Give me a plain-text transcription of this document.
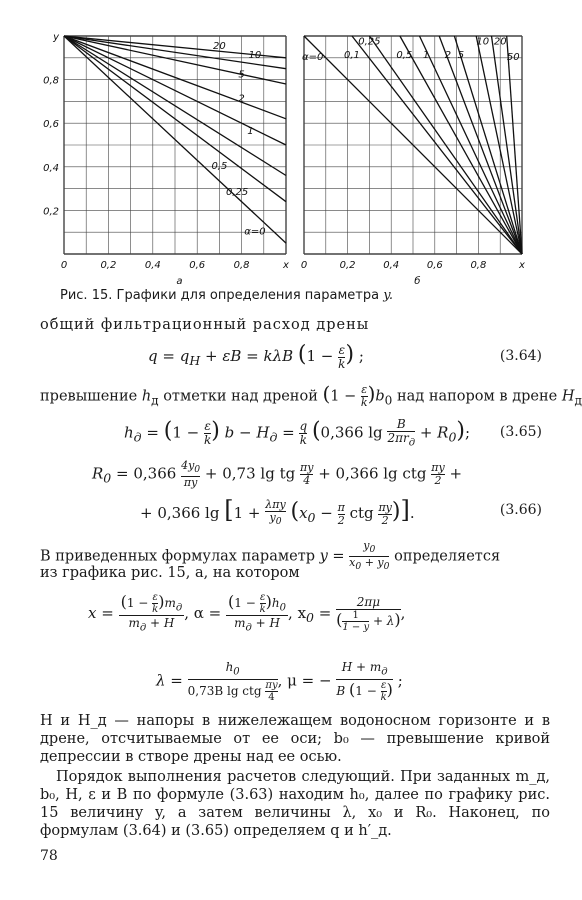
20
10
5
2
1
0,5
0,25
α=0
0	0,2	0,4	0,6	0,8	x
y
0,8
0,6
0,4
0,2
а
α=0 0,1
0,25
0,5 1 2 5
10 20
50
0	0,2	0,4	0,6	0,8	x
б
Рис. 15. Графики для определения параметра y.
общий фильтрационный расход дрены
$q = q_H + \varepsilon B = k\lambda B$ ($1 - \frac{\varepsilon}{k}$ ) ;	(3.64)
превышение $h_д$ отметки над дреной $(1 - \frac{\varepsilon}{k} )b_0$ над напором в дрене $H_д$
$h_д = (1 - \frac{\varepsilon}{k}$ ) $b - H_д = \frac{q}{k} (0,366$ lg	B
$2\pi r_д$
+ $R_0$); (3.65)
$R_0 = 0,366 \frac{4y_0}{\pi y} + 0,73$ lg tg $\frac{\pi y}{4} + 0,366$ lg ctg $\frac{\pi y}{2}$ +
+ 0,366 lg [1 + λπy
$y_0$ ($x_0 - \frac{\pi}{2}$ ctg $\frac{\pi y}{2}$ )].	(3.66)
В приведенных формулах параметр $y = \frac{y_0}{x_0 + y_0}$ определяется
из графика рис. 15, а, на котором
x =
$(1 - \frac{\varepsilon}{k} )m_д$
$m_д + H$
, α =
$(1 - \frac{\varepsilon}{k} )h_0$
$m_д + H$
, $x_0 = \frac{2\pi\mu}{( \frac{1}{1 - y} + \lambda)}$ ,
λ =
$h_0$
0,73B lg ctg $\frac{\pi y}{4}$ , μ = −
$H + m_д$
B ($1 - \frac{\varepsilon}{k}$ ) ;
H и H_д — напоры в нижележащем водоносном горизонте и в дрене, отсчитываемые от ее оси; b₀ — превышение кривой депрессии в створе дрены над ее осью.
Порядок выполнения расчетов следующий. При заданных m_д, b₀, H, ε и B по формуле (3.63) находим h₀, далее по графику рис. 15 величину y, а затем величины λ, x₀ и R₀. Наконец, по формулам (3.64) и (3.65) определяем q и h′_д.
78
